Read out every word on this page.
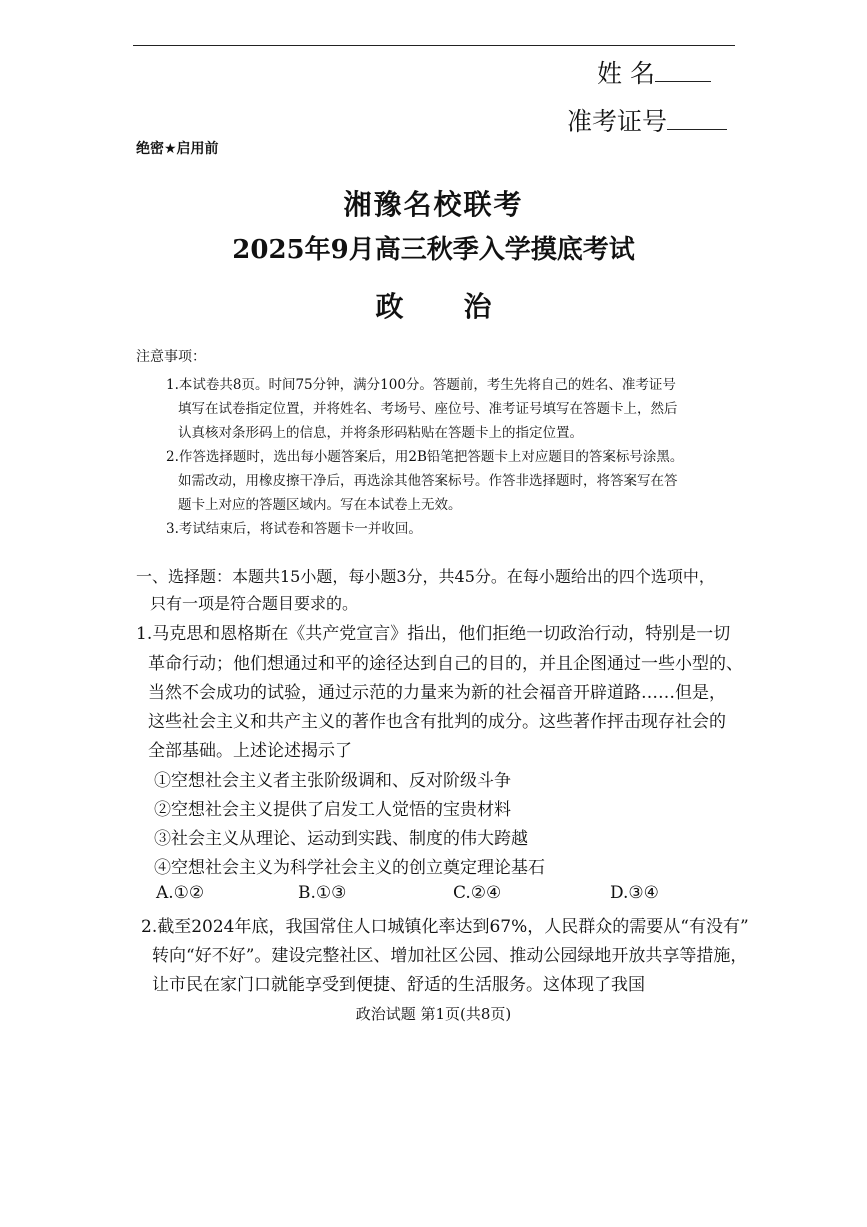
姓 名
准考证号
绝密★启用前
湘豫名校联考
2025年9月高三秋季入学摸底考试
政治
注意事项：
1.本试卷共8页。时间75分钟，满分100分。答题前，考生先将自己的姓名、准考证号
填写在试卷指定位置，并将姓名、考场号、座位号、准考证号填写在答题卡上，然后
认真核对条形码上的信息，并将条形码粘贴在答题卡上的指定位置。
2.作答选择题时，选出每小题答案后，用2B铅笔把答题卡上对应题目的答案标号涂黑。
如需改动，用橡皮擦干净后，再选涂其他答案标号。作答非选择题时，将答案写在答
题卡上对应的答题区域内。写在本试卷上无效。
3.考试结束后，将试卷和答题卡一并收回。
一、选择题：本题共15小题，每小题3分，共45分。在每小题给出的四个选项中，
只有一项是符合题目要求的。
1.马克思和恩格斯在《共产党宣言》指出，他们拒绝一切政治行动，特别是一切
革命行动；他们想通过和平的途径达到自己的目的，并且企图通过一些小型的、
当然不会成功的试验，通过示范的力量来为新的社会福音开辟道路……但是，
这些社会主义和共产主义的著作也含有批判的成分。这些著作抨击现存社会的
全部基础。上述论述揭示了
①空想社会主义者主张阶级调和、反对阶级斗争
②空想社会主义提供了启发工人觉悟的宝贵材料
③社会主义从理论、运动到实践、制度的伟大跨越
④空想社会主义为科学社会主义的创立奠定理论基石
A.①②	B.①③	C.②④	D.③④
2.截至2024年底，我国常住人口城镇化率达到67%，人民群众的需要从“有没有”
转向“好不好”。建设完整社区、增加社区公园、推动公园绿地开放共享等措施，
让市民在家门口就能享受到便捷、舒适的生活服务。这体现了我国
政治试题 第1页(共8页)
